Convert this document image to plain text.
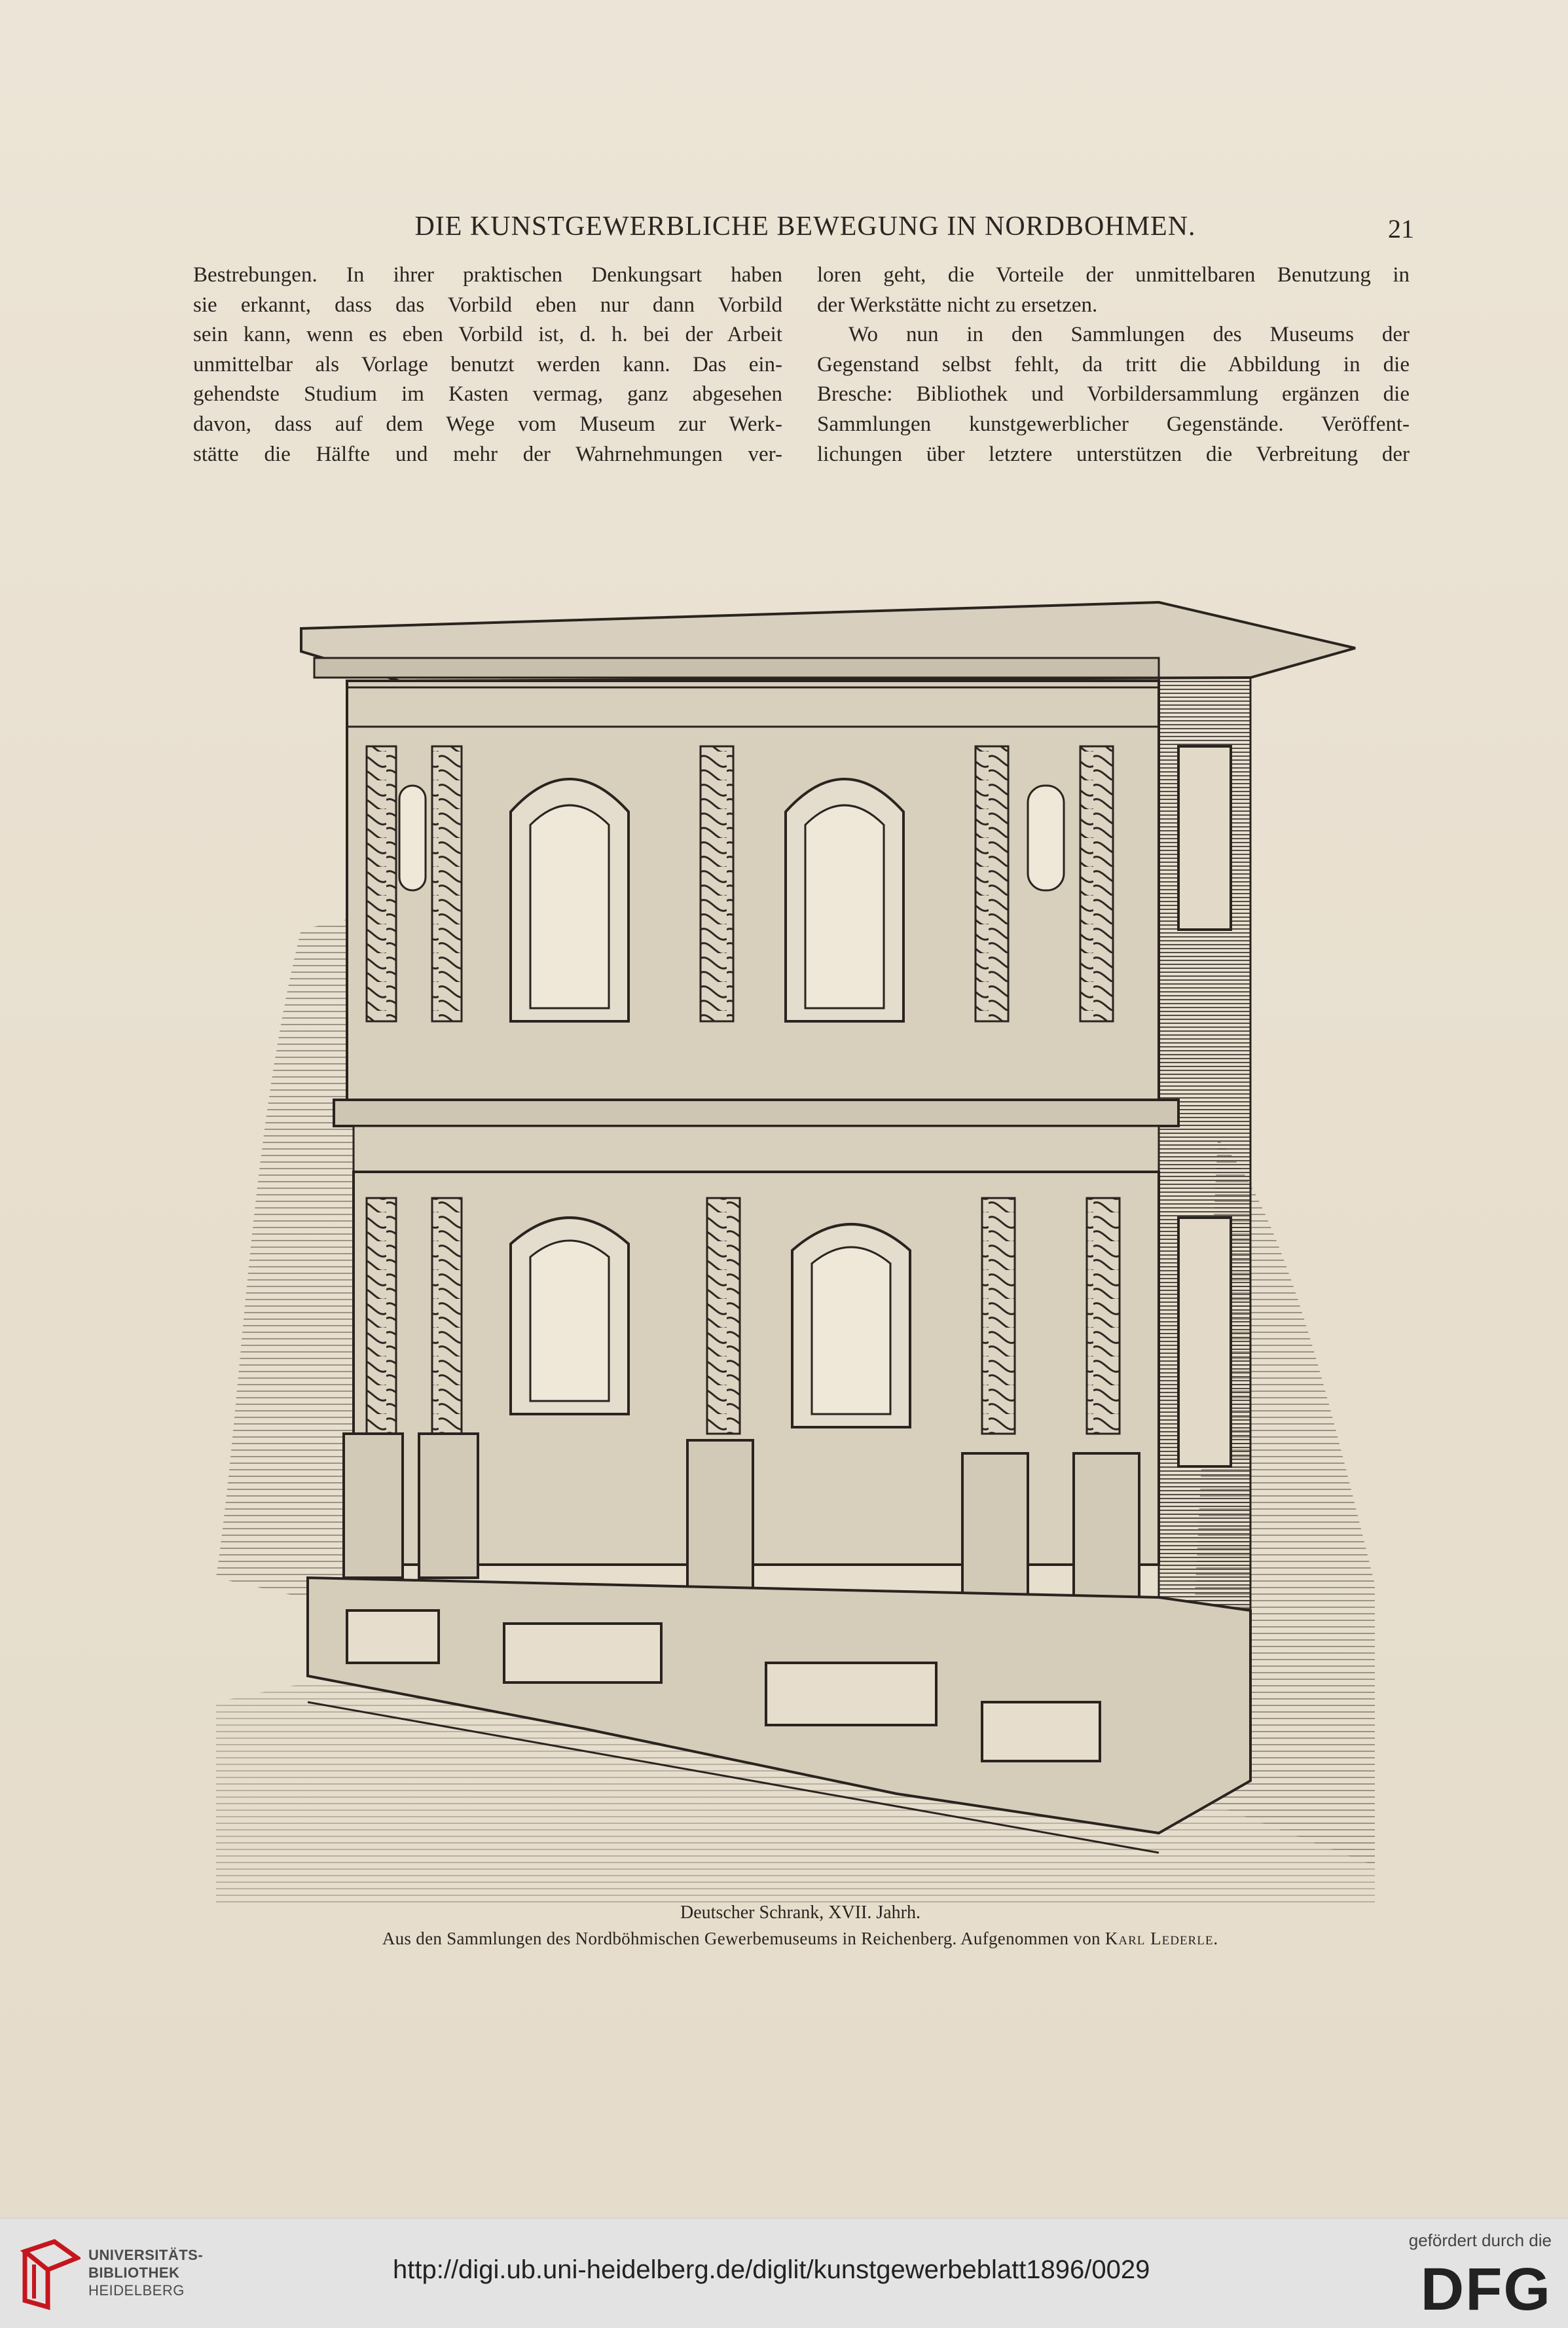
DIE KUNSTGEWERBLICHE BEWEGUNG IN NORDBOHMEN.	21
Bestrebungen. In ihrer praktischen Denkungsart haben
sie erkannt, dass das Vorbild eben nur dann Vorbild
sein kann, wenn es eben Vorbild ist, d. h. bei der Arbeit
unmittelbar als Vorlage benutzt werden kann. Das ein-
gehendste Studium im Kasten vermag, ganz abgesehen
davon, dass auf dem Wege vom Museum zur Werk-
stätte die Hälfte und mehr der Wahrnehmungen ver-
loren geht, die Vorteile der unmittelbaren Benutzung in
der Werkstätte nicht zu ersetzen.
Wo nun in den Sammlungen des Museums der
Gegenstand selbst fehlt, da tritt die Abbildung in die
Bresche: Bibliothek und Vorbildersammlung ergänzen die
Sammlungen kunstgewerblicher Gegenstände. Veröffent-
lichungen über letztere unterstützen die Verbreitung der
Deutscher Schrank, XVII. Jahrh.
Aus den Sammlungen des Nordböhmischen Gewerbemuseums in Reichenberg. Aufgenommen von Karl Lederle.
UNIVERSITÄTS-
BIBLIOTHEK
HEIDELBERG
http://digi.ub.uni-heidelberg.de/diglit/kunstgewerbeblatt1896/0029
gefördert durch die
DFG
